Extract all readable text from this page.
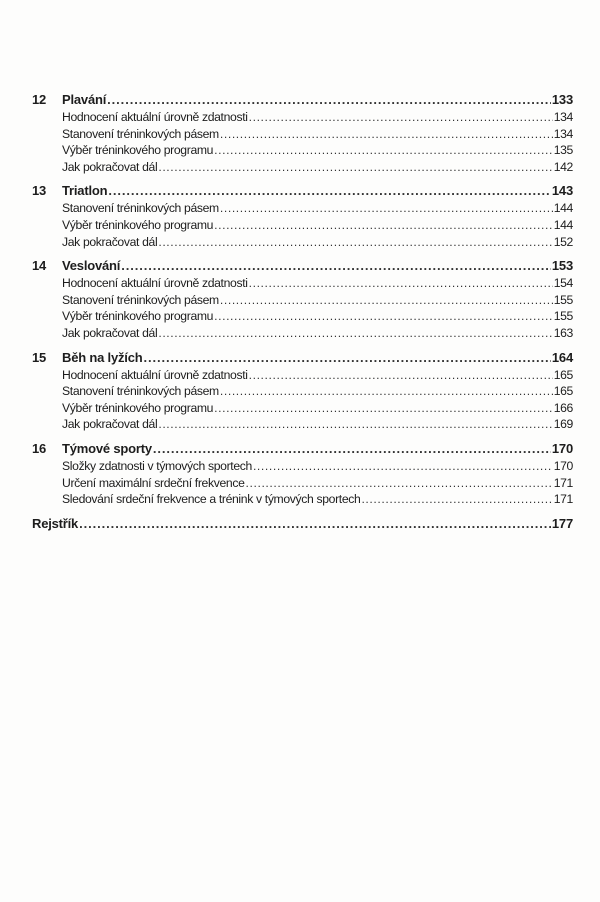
12	Plavání .....	133
Hodnocení aktuální úrovně zdatnosti .....	134
Stanovení tréninkových pásem .....	134
Výběr tréninkového programu .....	135
Jak pokračovat dál .....	142
13	Triatlon .....	143
Stanovení tréninkových pásem .....	144
Výběr tréninkového programu .....	144
Jak pokračovat dál .....	152
14	Veslování .....	153
Hodnocení aktuální úrovně zdatnosti .....	154
Stanovení tréninkových pásem .....	155
Výběr tréninkového programu .....	155
Jak pokračovat dál .....	163
15	Běh na lyžích .....	164
Hodnocení aktuální úrovně zdatnosti .....	165
Stanovení tréninkových pásem .....	165
Výběr tréninkového programu .....	166
Jak pokračovat dál .....	169
16	Týmové sporty .....	170
Složky zdatnosti v týmových sportech .....	170
Určení maximální srdeční frekvence .....	171
Sledování srdeční frekvence a trénink v týmových sportech .....	171
Rejstřík .....	177
